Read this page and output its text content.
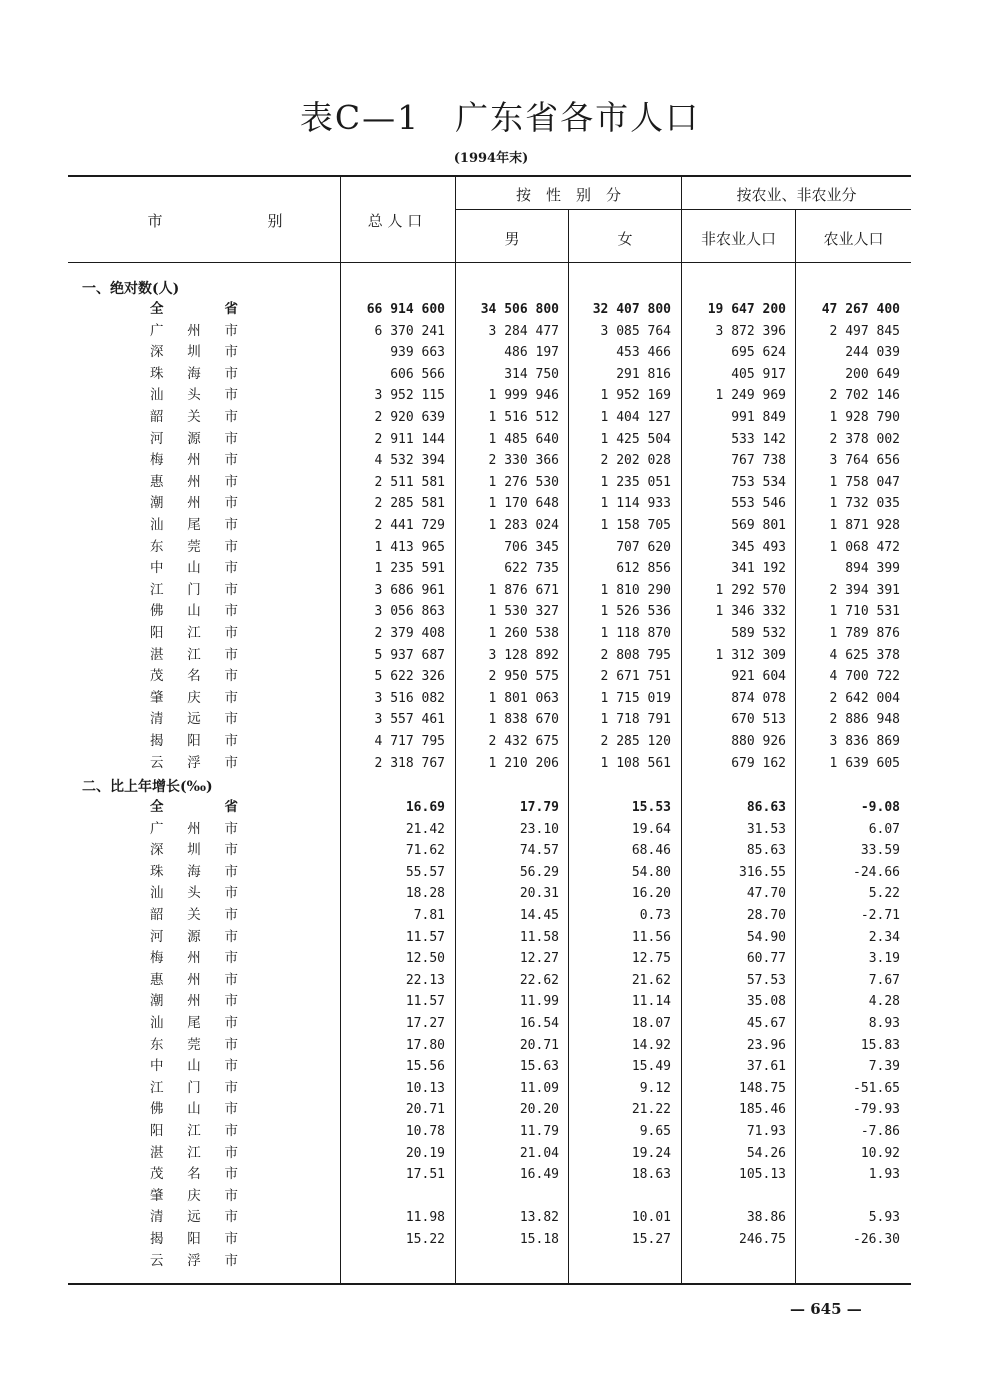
表C—1　广东省各市人口
(1994年末)
市　　　　　　　别	总 人 口
按　性　别　分
男	女
按农业、非农业分
非农业人口	农业人口
一、绝对数(人)
全	省	66 914 600	34 506 800	32 407 800	19 647 200	47 267 400
广 州 市	6 370 241	3 284 477	3 085 764	3 872 396	2 497 845
深 圳 市	939 663	486 197	453 466	695 624	244 039
珠 海 市	606 566	314 750	291 816	405 917	200 649
汕 头 市	3 952 115	1 999 946	1 952 169	1 249 969	2 702 146
韶 关 市	2 920 639	1 516 512	1 404 127	991 849	1 928 790
河 源 市	2 911 144	1 485 640	1 425 504	533 142	2 378 002
梅 州 市	4 532 394	2 330 366	2 202 028	767 738	3 764 656
惠 州 市	2 511 581	1 276 530	1 235 051	753 534	1 758 047
潮 州 市	2 285 581	1 170 648	1 114 933	553 546	1 732 035
汕 尾 市	2 441 729	1 283 024	1 158 705	569 801	1 871 928
东 莞 市	1 413 965	706 345	707 620	345 493	1 068 472
中 山 市	1 235 591	622 735	612 856	341 192	894 399
江 门 市	3 686 961	1 876 671	1 810 290	1 292 570	2 394 391
佛 山 市	3 056 863	1 530 327	1 526 536	1 346 332	1 710 531
阳 江 市	2 379 408	1 260 538	1 118 870	589 532	1 789 876
湛 江 市	5 937 687	3 128 892	2 808 795	1 312 309	4 625 378
茂 名 市	5 622 326	2 950 575	2 671 751	921 604	4 700 722
肇 庆 市	3 516 082	1 801 063	1 715 019	874 078	2 642 004
清 远 市	3 557 461	1 838 670	1 718 791	670 513	2 886 948
揭 阳 市	4 717 795	2 432 675	2 285 120	880 926	3 836 869
云 浮 市	2 318 767	1 210 206	1 108 561	679 162	1 639 605
二、比上年增长(‰)
全	省	16.69	17.79	15.53	86.63	-9.08
广 州 市	21.42	23.10	19.64	31.53	6.07
深 圳 市	71.62	74.57	68.46	85.63	33.59
珠 海 市	55.57	56.29	54.80	316.55	-24.66
汕 头 市	18.28	20.31	16.20	47.70	5.22
韶 关 市	7.81	14.45	0.73	28.70	-2.71
河 源 市	11.57	11.58	11.56	54.90	2.34
梅 州 市	12.50	12.27	12.75	60.77	3.19
惠 州 市	22.13	22.62	21.62	57.53	7.67
潮 州 市	11.57	11.99	11.14	35.08	4.28
汕 尾 市	17.27	16.54	18.07	45.67	8.93
东 莞 市	17.80	20.71	14.92	23.96	15.83
中 山 市	15.56	15.63	15.49	37.61	7.39
江 门 市	10.13	11.09	9.12	148.75	-51.65
佛 山 市	20.71	20.20	21.22	185.46	-79.93
阳 江 市	10.78	11.79	9.65	71.93	-7.86
湛 江 市	20.19	21.04	19.24	54.26	10.92
茂 名 市	17.51	16.49	18.63	105.13	1.93
肇 庆 市
清 远 市	11.98	13.82	10.01	38.86	5.93
揭 阳 市	15.22	15.18	15.27	246.75	-26.30
云 浮 市
— 645 —
